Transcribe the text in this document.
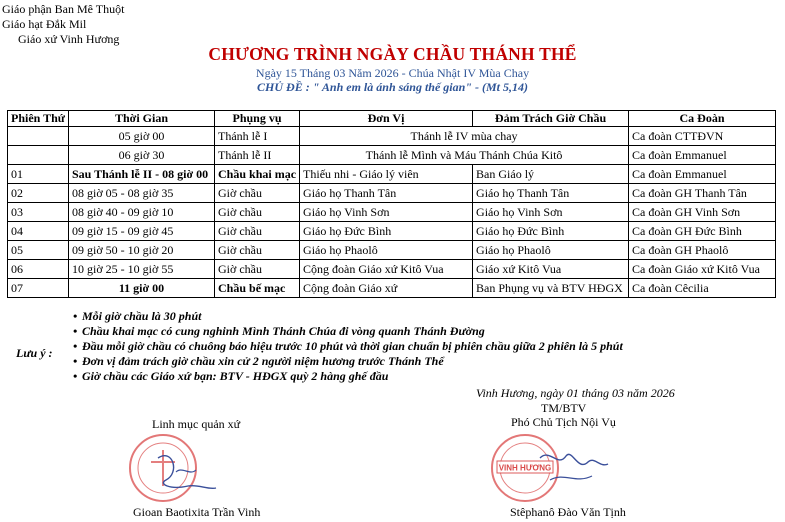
Giáo phận Ban Mê Thuột
Giáo hạt Đắk Mil
Giáo xứ Vinh Hương
CHƯƠNG TRÌNH NGÀY CHẦU THÁNH THỂ
Ngày 15 Tháng 03 Năm 2026 - Chúa Nhật IV Mùa Chay
CHỦ ĐỀ : " Anh em là ánh sáng thế gian" - (Mt 5,14)
Phiên Thứ	Thời Gian	Phụng vụ	Đơn Vị	Đảm Trách Giờ Chầu	Ca Đoàn
	05 giờ 00	Thánh lễ I	Thánh lễ IV mùa chay		Ca đoàn CTTĐVN
	06 giờ 30	Thánh lễ II	Thánh lễ Mình và Máu Thánh Chúa Kitô		Ca đoàn Emmanuel
01	Sau Thánh lễ II - 08 giờ 00	Chầu khai mạc	Thiếu nhi - Giáo lý viên	Ban Giáo lý	Ca đoàn Emmanuel
02	08 giờ 05 - 08 giờ 35	Giờ chầu	Giáo họ Thanh Tân	Giáo họ Thanh Tân	Ca đoàn GH Thanh Tân
03	08 giờ 40 - 09 giờ 10	Giờ chầu	Giáo họ Vinh Sơn	Giáo họ Vinh Sơn	Ca đoàn GH Vinh Sơn
04	09 giờ 15 - 09 giờ 45	Giờ chầu	Giáo họ Đức Bình	Giáo họ Đức Bình	Ca đoàn GH Đức Bình
05	09 giờ 50 - 10 giờ 20	Giờ chầu	Giáo họ Phaolô	Giáo họ Phaolô	Ca đoàn GH Phaolô
06	10 giờ 25 - 10 giờ 55	Giờ chầu	Cộng đoàn Giáo xứ Kitô Vua	Giáo xứ Kitô Vua	Ca đoàn Giáo xứ Kitô Vua
07	11 giờ 00	Chầu bế mạc	Cộng đoàn Giáo xứ	Ban Phụng vụ và BTV HĐGX	Ca đoàn Cêcilia
Lưu ý :
• Mỗi giờ chầu là 30 phút
• Chầu khai mạc có cung nghinh Mình Thánh Chúa đi vòng quanh Thánh Đường
• Đầu mỗi giờ chầu có chuông báo hiệu trước 10 phút và thời gian chuẩn bị phiên chầu giữa 2 phiên là 5 phút
• Đơn vị đảm trách giờ chầu xin cử 2 người niệm hương trước Thánh Thể
• Giờ chầu các Giáo xứ bạn: BTV - HĐGX quỳ 2 hàng ghế đầu
Vinh Hương, ngày 01 tháng 03 năm 2026
TM/BTV
Phó Chủ Tịch Nội Vụ
Linh mục quản xứ
VINH HƯƠNG
Gioan Baotixita Trần Vinh	Stêphanô Đào Văn Tịnh
